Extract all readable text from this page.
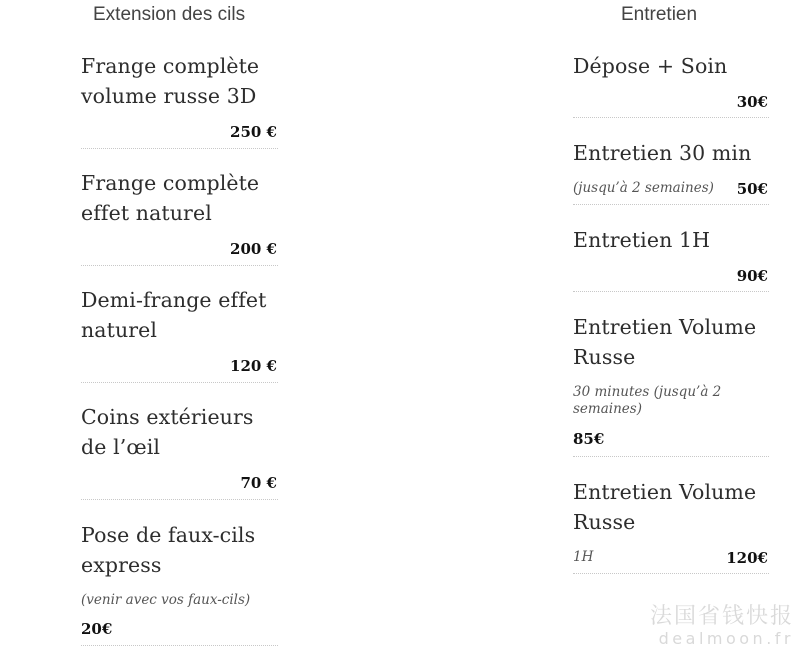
Extension des cils
Frange complète volume russe 3D
250 €
Frange complète effet naturel
200 €
Demi-frange effet naturel
120 €
Coins extérieurs de l’œil
70 €
Pose de faux-cils express
(venir avec vos faux-cils)
20€
Entretien
Dépose + Soin
30€
Entretien 30 min
(jusqu’à 2 semaines) 50€
Entretien 1H
90€
Entretien Volume Russe
30 minutes (jusqu’à 2 semaines)
85€
Entretien Volume Russe
1H	120€
法国省钱快报
dealmoon.fr
